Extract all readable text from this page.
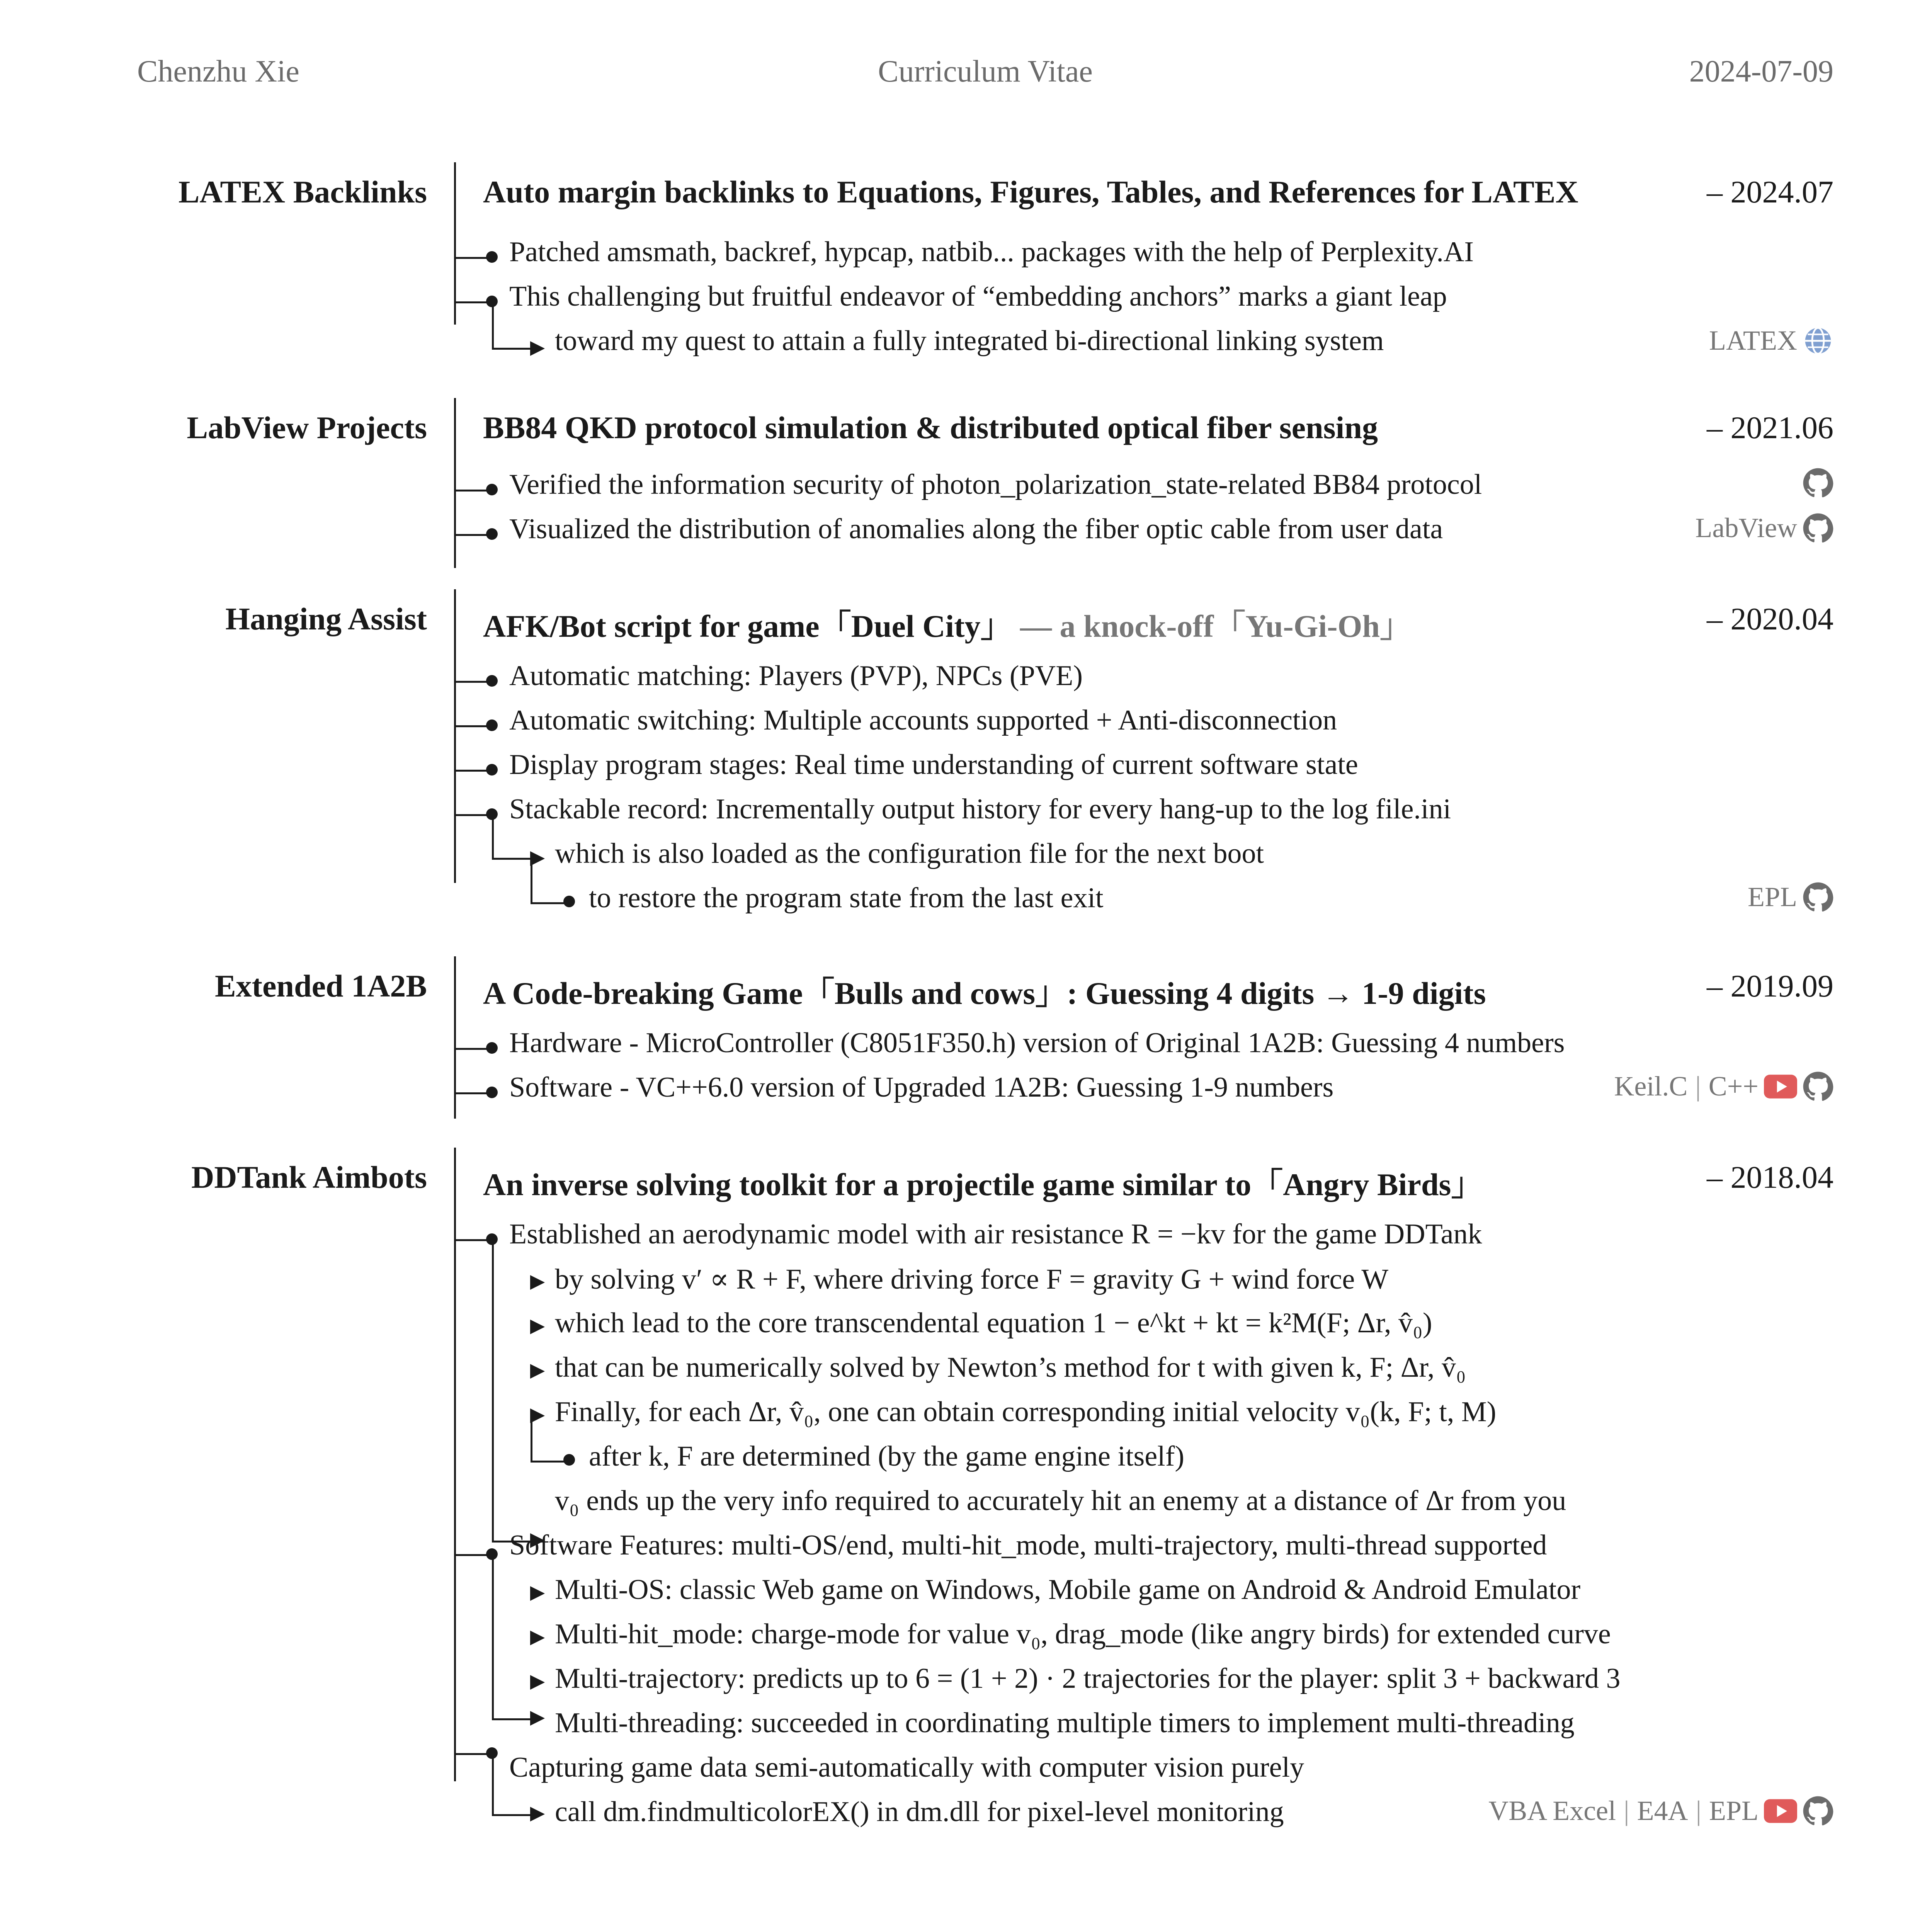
Chenzhu Xie	Curriculum Vitae	2024-07-09
LATEX Backlinks Auto margin backlinks to Equations, Figures, Tables, and References for LATEX	– 2024.07
Patched amsmath, backref, hypcap, natbib... packages with the help of Perplexity.AI
This challenging but fruitful endeavor of “embedding anchors” marks a giant leap
toward my quest to attain a fully integrated bi-directional linking system	LATEX
LabView Projects BB84 QKD protocol simulation & distributed optical fiber sensing	– 2021.06
Verified the information security of photon_polarization_state-related BB84 protocol
Visualized the distribution of anomalies along the fiber optic cable from user data	LabView
Hanging Assist AFK/Bot script for game「Duel City」 — a knock-off「Yu-Gi-Oh」	– 2020.04
Automatic matching: Players (PVP), NPCs (PVE)
Automatic switching: Multiple accounts supported + Anti-disconnection
Display program stages: Real time understanding of current software state
Stackable record: Incrementally output history for every hang-up to the log file.ini
which is also loaded as the configuration file for the next boot
to restore the program state from the last exit	EPL
Extended 1A2B A Code-breaking Game「Bulls and cows」: Guessing 4 digits → 1-9 digits	– 2019.09
Hardware - MicroController (C8051F350.h) version of Original 1A2B: Guessing 4 numbers
Software - VC++6.0 version of Upgraded 1A2B: Guessing 1-9 numbers	Keil.C | C++
DDTank Aimbots An inverse solving toolkit for a projectile game similar to「Angry Birds」	– 2018.04
Established an aerodynamic model with air resistance R = −kv for the game DDTank
by solving v′ ∝ R + F, where driving force F = gravity G + wind force W
which lead to the core transcendental equation 1 − e^kt + kt = k²M(F; Δr, v̂₀)
that can be numerically solved by Newton’s method for t with given k, F; Δr, v̂₀
Finally, for each Δr, v̂₀, one can obtain corresponding initial velocity v₀(k, F; t, M)
after k, F are determined (by the game engine itself)
v₀ ends up the very info required to accurately hit an enemy at a distance of Δr from you
Software Features: multi-OS/end, multi-hit_mode, multi-trajectory, multi-thread supported
Multi-OS: classic Web game on Windows, Mobile game on Android & Android Emulator
Multi-hit_mode: charge-mode for value v₀, drag_mode (like angry birds) for extended curve
Multi-trajectory: predicts up to 6 = (1 + 2) · 2 trajectories for the player: split 3 + backward 3
Multi-threading: succeeded in coordinating multiple timers to implement multi-threading
Capturing game data semi-automatically with computer vision purely
call dm.findmulticolorEX() in dm.dll for pixel-level monitoring	VBA Excel | E4A | EPL
